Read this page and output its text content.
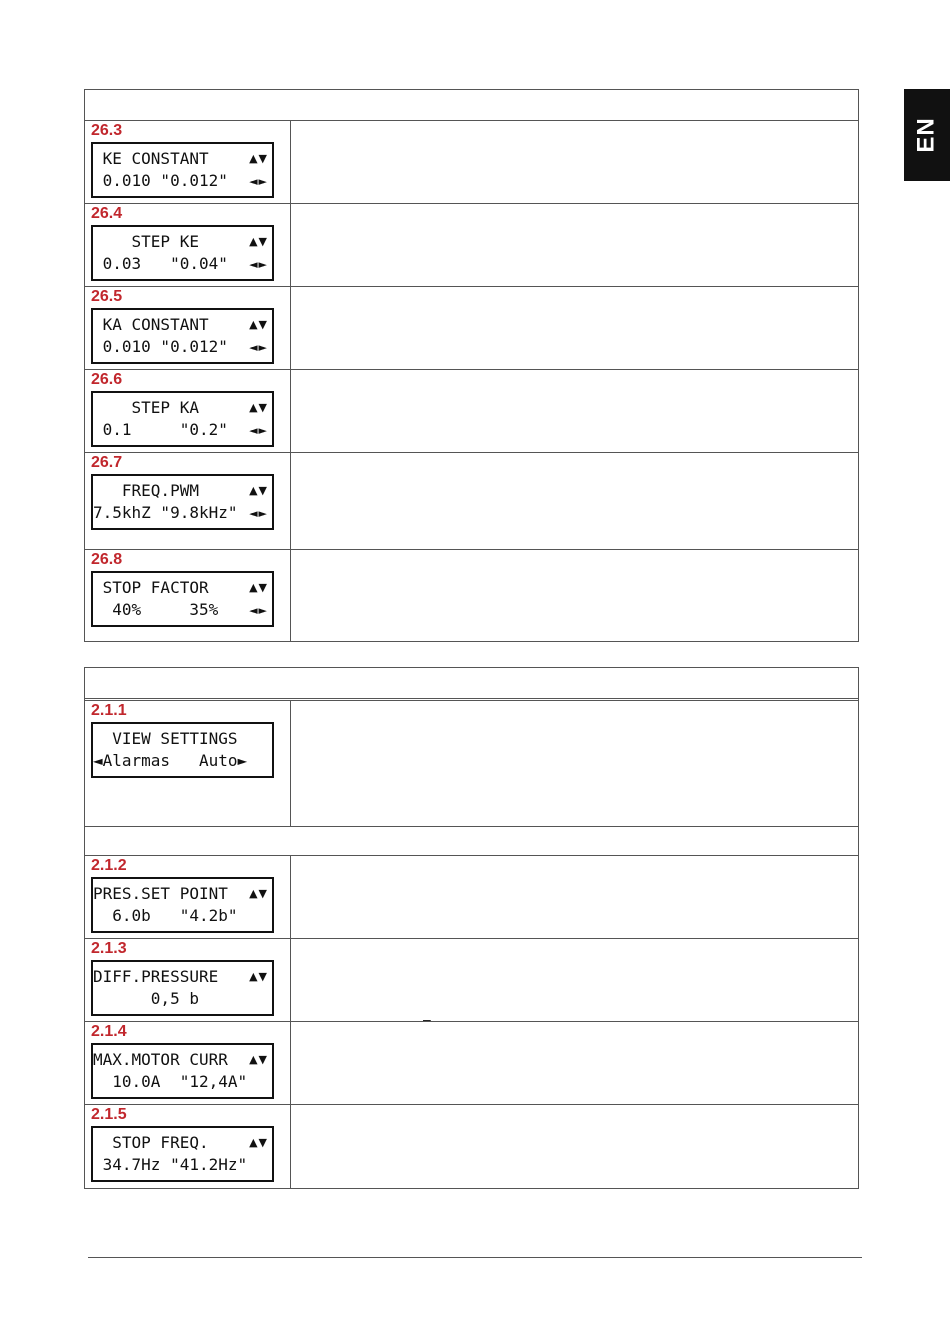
EN
26.3
KE CONSTANT	▲▼
0.010 "0.012"	◄►
26.4
STEP KE	▲▼
0.03   "0.04"	◄►
26.5
KA CONSTANT	▲▼
0.010 "0.012"	◄►
26.6
STEP KA	▲▼
0.1     "0.2"	◄►
26.7
FREQ.PWM	▲▼
7.5khZ "9.8kHz"	◄►
26.8
STOP FACTOR	▲▼
40%     35%	◄►
2.1.1
VIEW SETTINGS
◄Alarmas   Auto►
2.1.2
PRES.SET POINT	▲▼
6.0b   "4.2b"
2.1.3
DIFF.PRESSURE	▲▼
0,5 b
–
2.1.4
MAX.MOTOR CURR	▲▼
10.0A  "12,4A"
2.1.5
STOP FREQ.	▲▼
34.7Hz "41.2Hz"
